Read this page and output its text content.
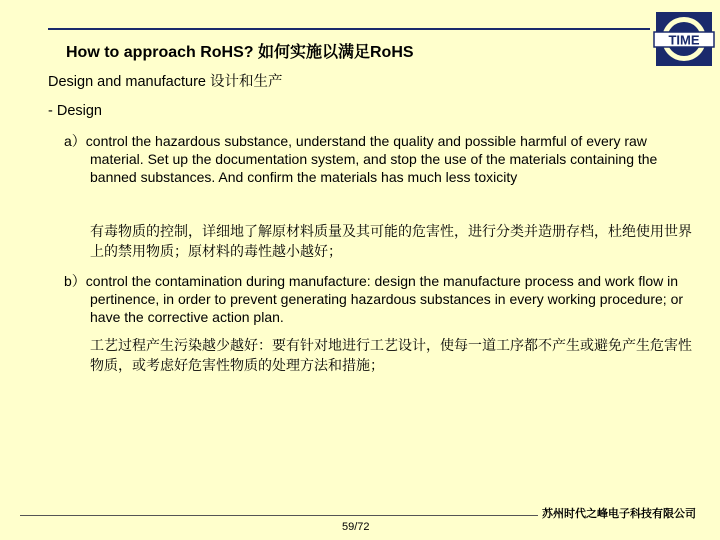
TIME
How to approach RoHS? 如何实施以满足RoHS
Design and manufacture 设计和生产
- Design
a）control the hazardous substance, understand the quality and possible harmful of every raw material. Set up the documentation system, and stop the use of the materials containing the banned substances. And confirm the materials has much less toxicity
有毒物质的控制，详细地了解原材料质量及其可能的危害性，进行分类并造册存档，杜绝使用世界上的禁用物质；原材料的毒性越小越好；
b）control the contamination during manufacture: design the manufacture process and work flow in pertinence, in order to prevent generating hazardous substances in every working procedure; or have the corrective action plan.
工艺过程产生污染越少越好：要有针对地进行工艺设计，使每一道工序都不产生或避免产生危害性物质，或考虑好危害性物质的处理方法和措施；
苏州时代之峰电子科技有限公司
59/72
